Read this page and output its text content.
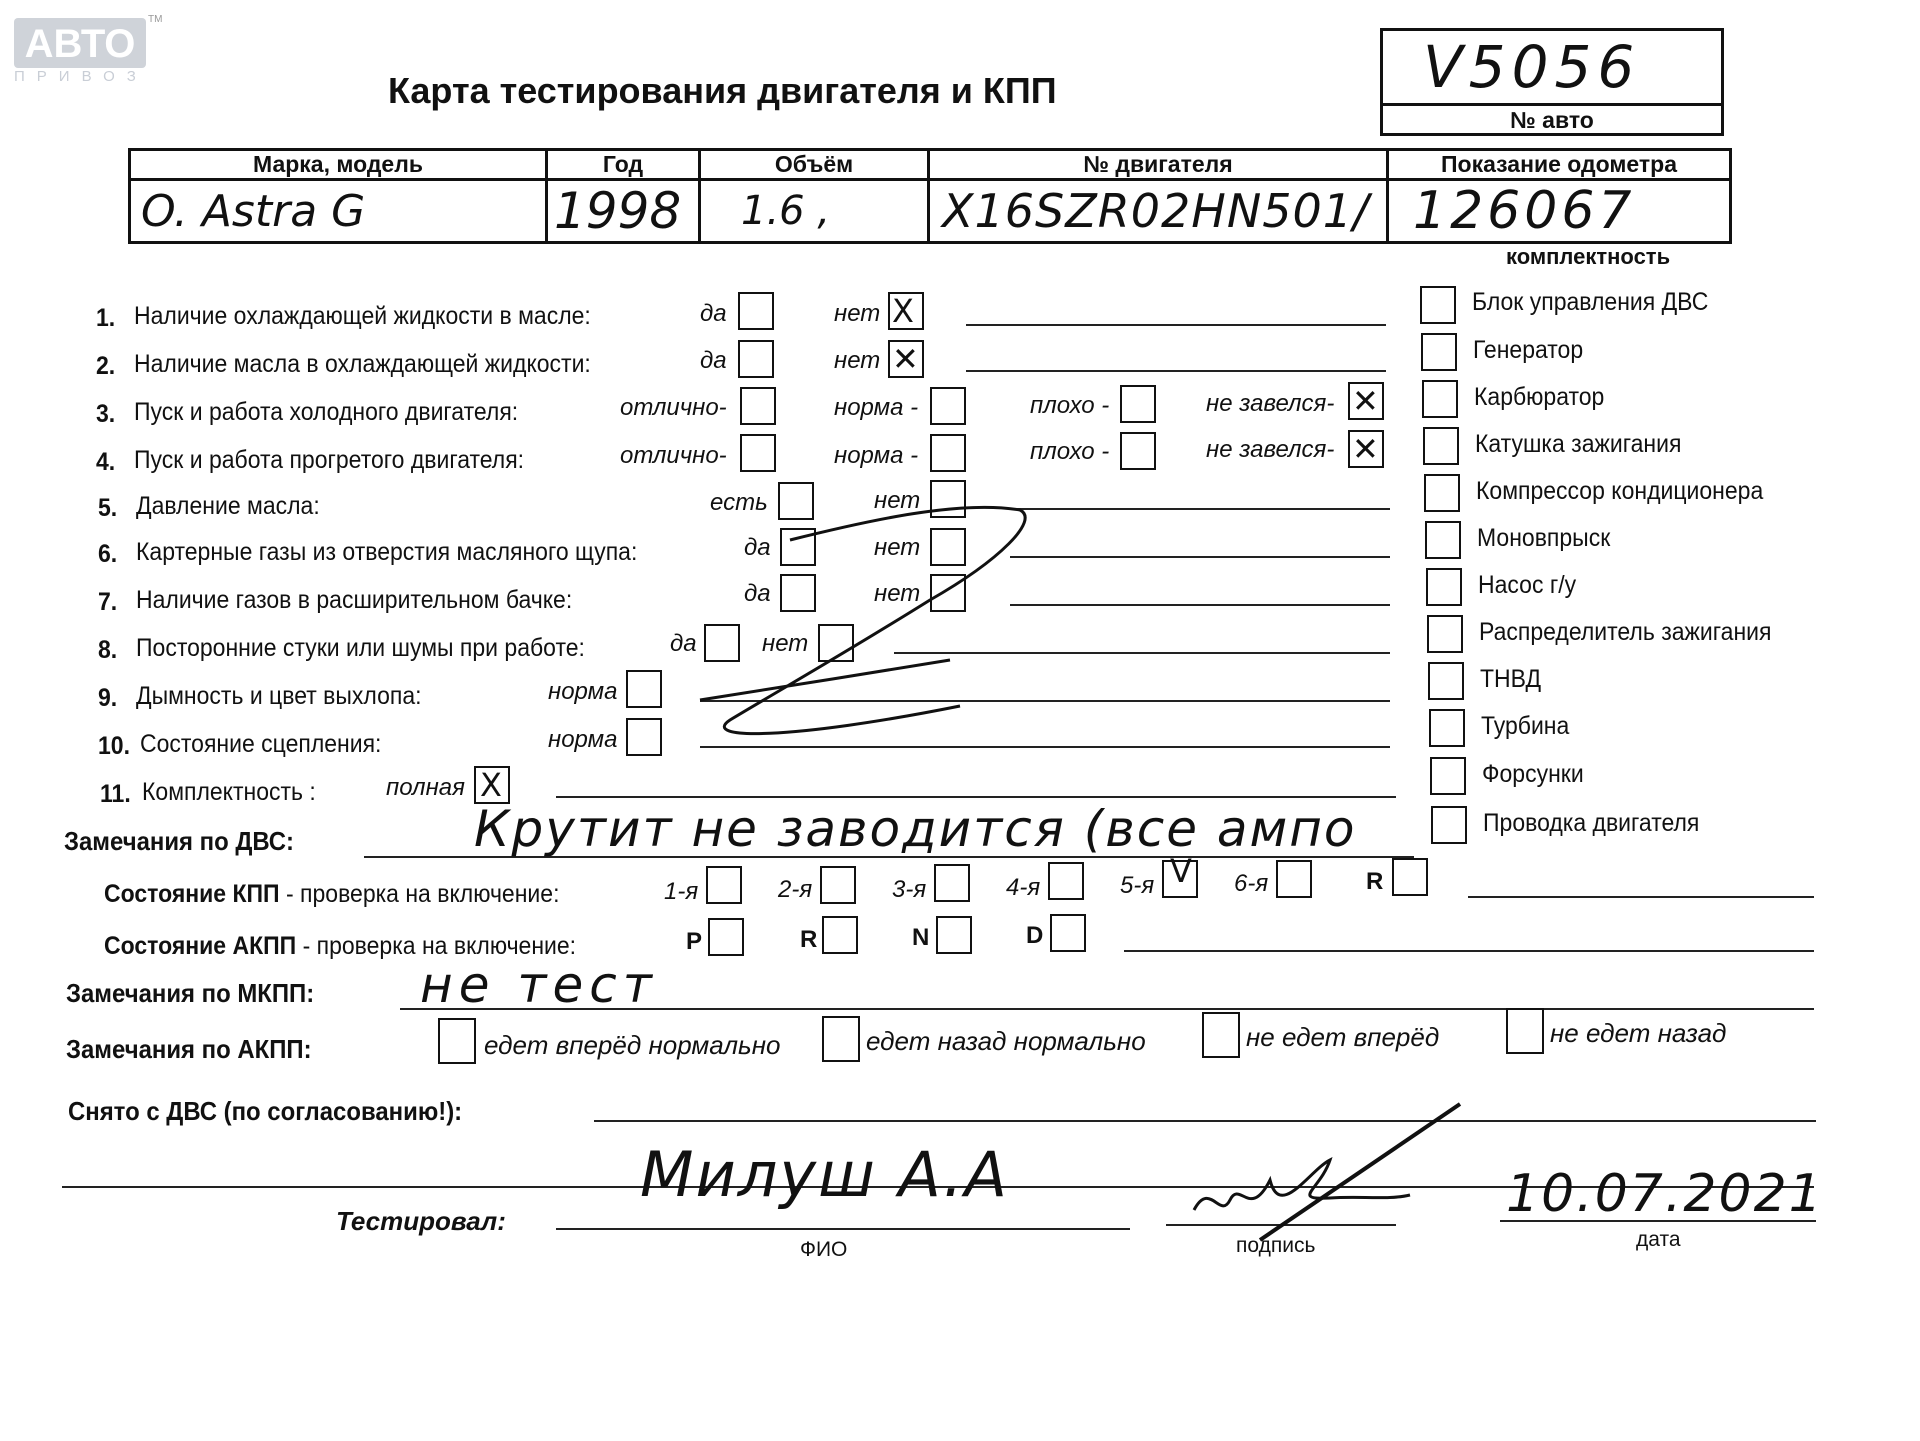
АВТО
TM
ПРИВОЗ	Карта тестирования двигателя и КПП	V5056
№ авто
Марка, модель	Год	Объём	№ двигателя	Показание одометра
O. Astra G	1998	1.6 ,	X16SZR02HN501/	126067
комплектность
Блок управления ДВС
Генератор
Карбюратор
Катушка зажигания
Компрессор кондиционера
Моновпрыск
Насос г/у
Распределитель зажигания
ТНВД
Турбина
Форсунки
Проводка двигателя
1. Наличие охлаждающей жидкости в масле:	да	нет X
2. Наличие масла в охлаждающей жидкости:	да	нет ✕
3. Пуск и работа холодного двигателя:	отлично-	норма -	плохо -	не завелся- ✕
4. Пуск и работа прогретого двигателя:	отлично-	норма -	плохо -	не завелся- ✕
5. Давление масла:	есть	нет
6. Картерные газы из отверстия масляного щупа:	да	нет
7. Наличие газов в расширительном бачке:	да	нет
8. Посторонние стуки или шумы при работе:	да	нет
9. Дымность и цвет выхлопа:	норма
10. Состояние сцепления:	норма
11. Комплектность :	полная X
Замечания по ДВС:	Крутит не заводится (все ампо
Состояние КПП - проверка на включение:	1-я	2-я	3-я	4-я	5-я V 6-я	R
Состояние АКПП - проверка на включение:	P	R	N	D
Замечания по МКПП: не тест
Замечания по АКПП:	едет вперёд нормально	едет назад нормально	не едет вперёд	не едет назад
Снято с ДВС (по согласованию!):
Тестировал:
Милуш А.А
ФИО	подпись
10.07.2021
дата
